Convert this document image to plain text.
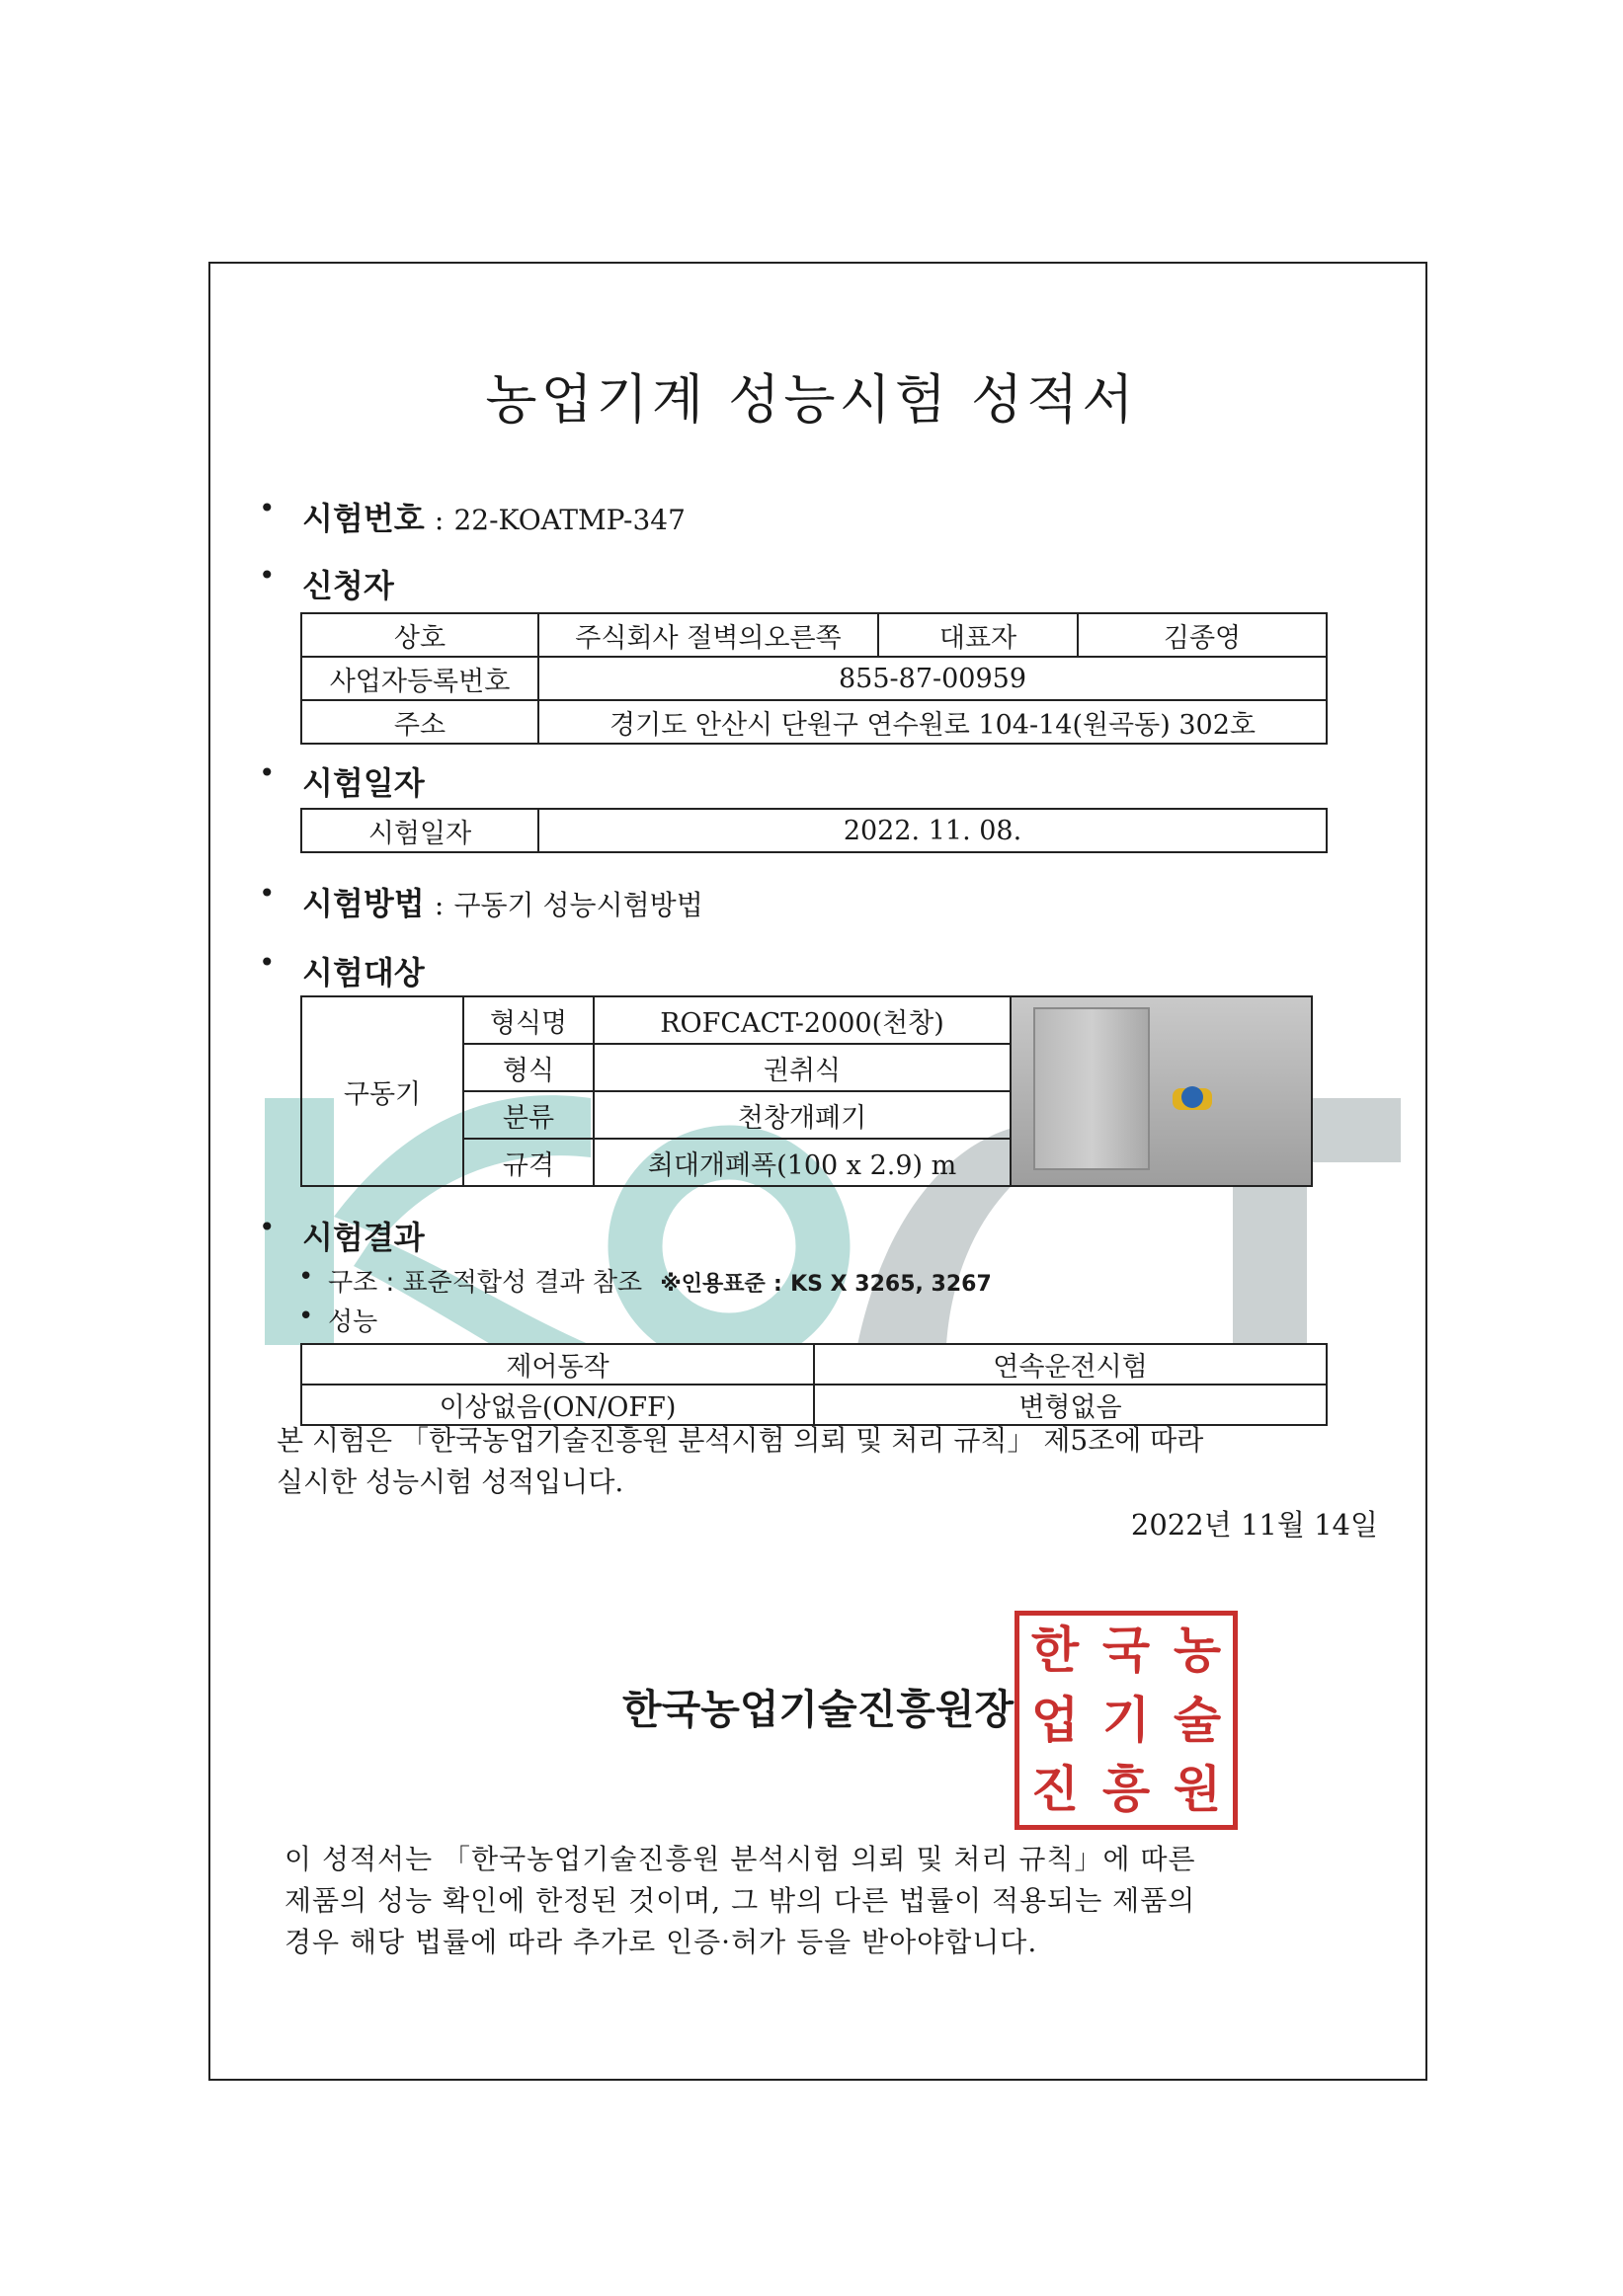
농업기계 성능시험 성적서
• 시험번호 : 22-KOATMP-347
• 신청자
상호	주식회사 절벽의오른쪽	대표자	김종영
사업자등록번호	855-87-00959		
주소	경기도 안산시 단원구 연수원로 104-14(원곡동) 302호		
• 시험일자
시험일자	2022. 11. 08.
• 시험방법 : 구동기 성능시험방법
• 시험대상
구동기	형식명	ROFCACT-2000(천창)	

	형식	권취식	
	분류	천창개폐기	
	규격	최대개폐폭(100 x 2.9) m	
• 시험결과
• 구조 : 표준적합성 결과 참조 ※인용표준 : KS X 3265, 3267
• 성능
제어동작	연속운전시험
이상없음(ON/OFF)	변형없음
본 시험은 「한국농업기술진흥원 분석시험 의뢰 및 처리 규칙」 제5조에 따라
실시한 성능시험 성적입니다.
2022년 11월 14일
한국농업기술진흥원장
한 국 농
업 기 술
진 흥 원
이 성적서는 「한국농업기술진흥원 분석시험 의뢰 및 처리 규칙」에 따른
제품의 성능 확인에 한정된 것이며, 그 밖의 다른 법률이 적용되는 제품의
경우 해당 법률에 따라 추가로 인증·허가 등을 받아야합니다.
